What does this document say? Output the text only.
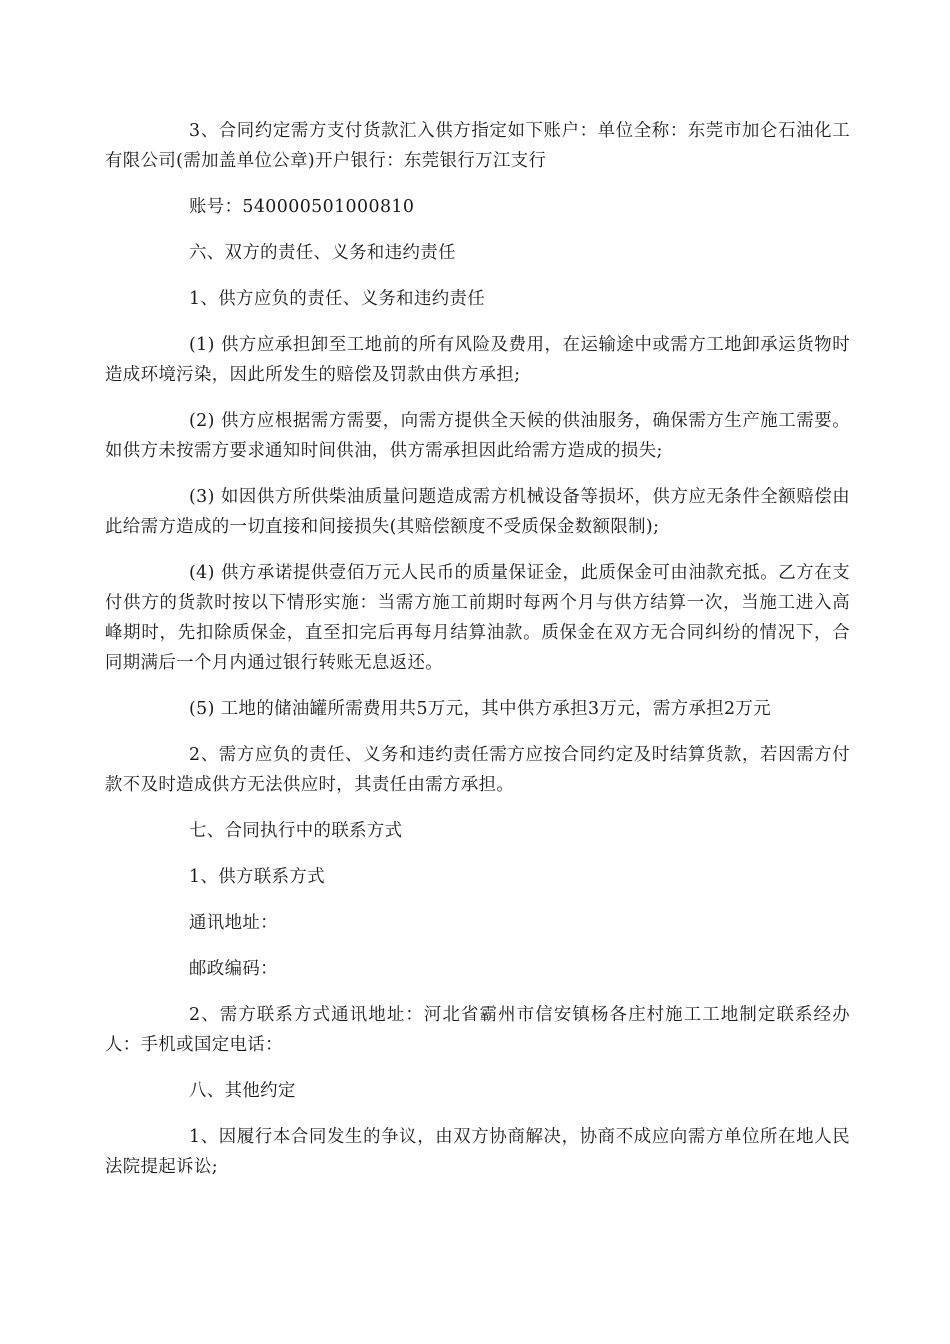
3、合同约定需方支付货款汇入供方指定如下账户：单位全称：东莞市加仑石油化工有限公司(需加盖单位公章)开户银行：东莞银行万江支行

账号：540000501000810

六、双方的责任、义务和违约责任

1、供方应负的责任、义务和违约责任

(1) 供方应承担卸至工地前的所有风险及费用，在运输途中或需方工地卸承运货物时造成环境污染，因此所发生的赔偿及罚款由供方承担;

(2) 供方应根据需方需要，向需方提供全天候的供油服务，确保需方生产施工需要。如供方未按需方要求通知时间供油，供方需承担因此给需方造成的损失;

(3) 如因供方所供柴油质量问题造成需方机械设备等损坏，供方应无条件全额赔偿由此给需方造成的一切直接和间接损失(其赔偿额度不受质保金数额限制);

(4) 供方承诺提供壹佰万元人民币的质量保证金，此质保金可由油款充抵。乙方在支付供方的货款时按以下情形实施：当需方施工前期时每两个月与供方结算一次，当施工进入高峰期时，先扣除质保金，直至扣完后再每月结算油款。质保金在双方无合同纠纷的情况下，合同期满后一个月内通过银行转账无息返还。

(5) 工地的储油罐所需费用共5万元，其中供方承担3万元，需方承担2万元

2、需方应负的责任、义务和违约责任需方应按合同约定及时结算货款，若因需方付款不及时造成供方无法供应时，其责任由需方承担。

七、合同执行中的联系方式

1、供方联系方式

通讯地址：

邮政编码：

2、需方联系方式通讯地址：河北省霸州市信安镇杨各庄村施工工地制定联系经办人：手机或国定电话：

八、其他约定

1、因履行本合同发生的争议，由双方协商解决，协商不成应向需方单位所在地人民法院提起诉讼;
